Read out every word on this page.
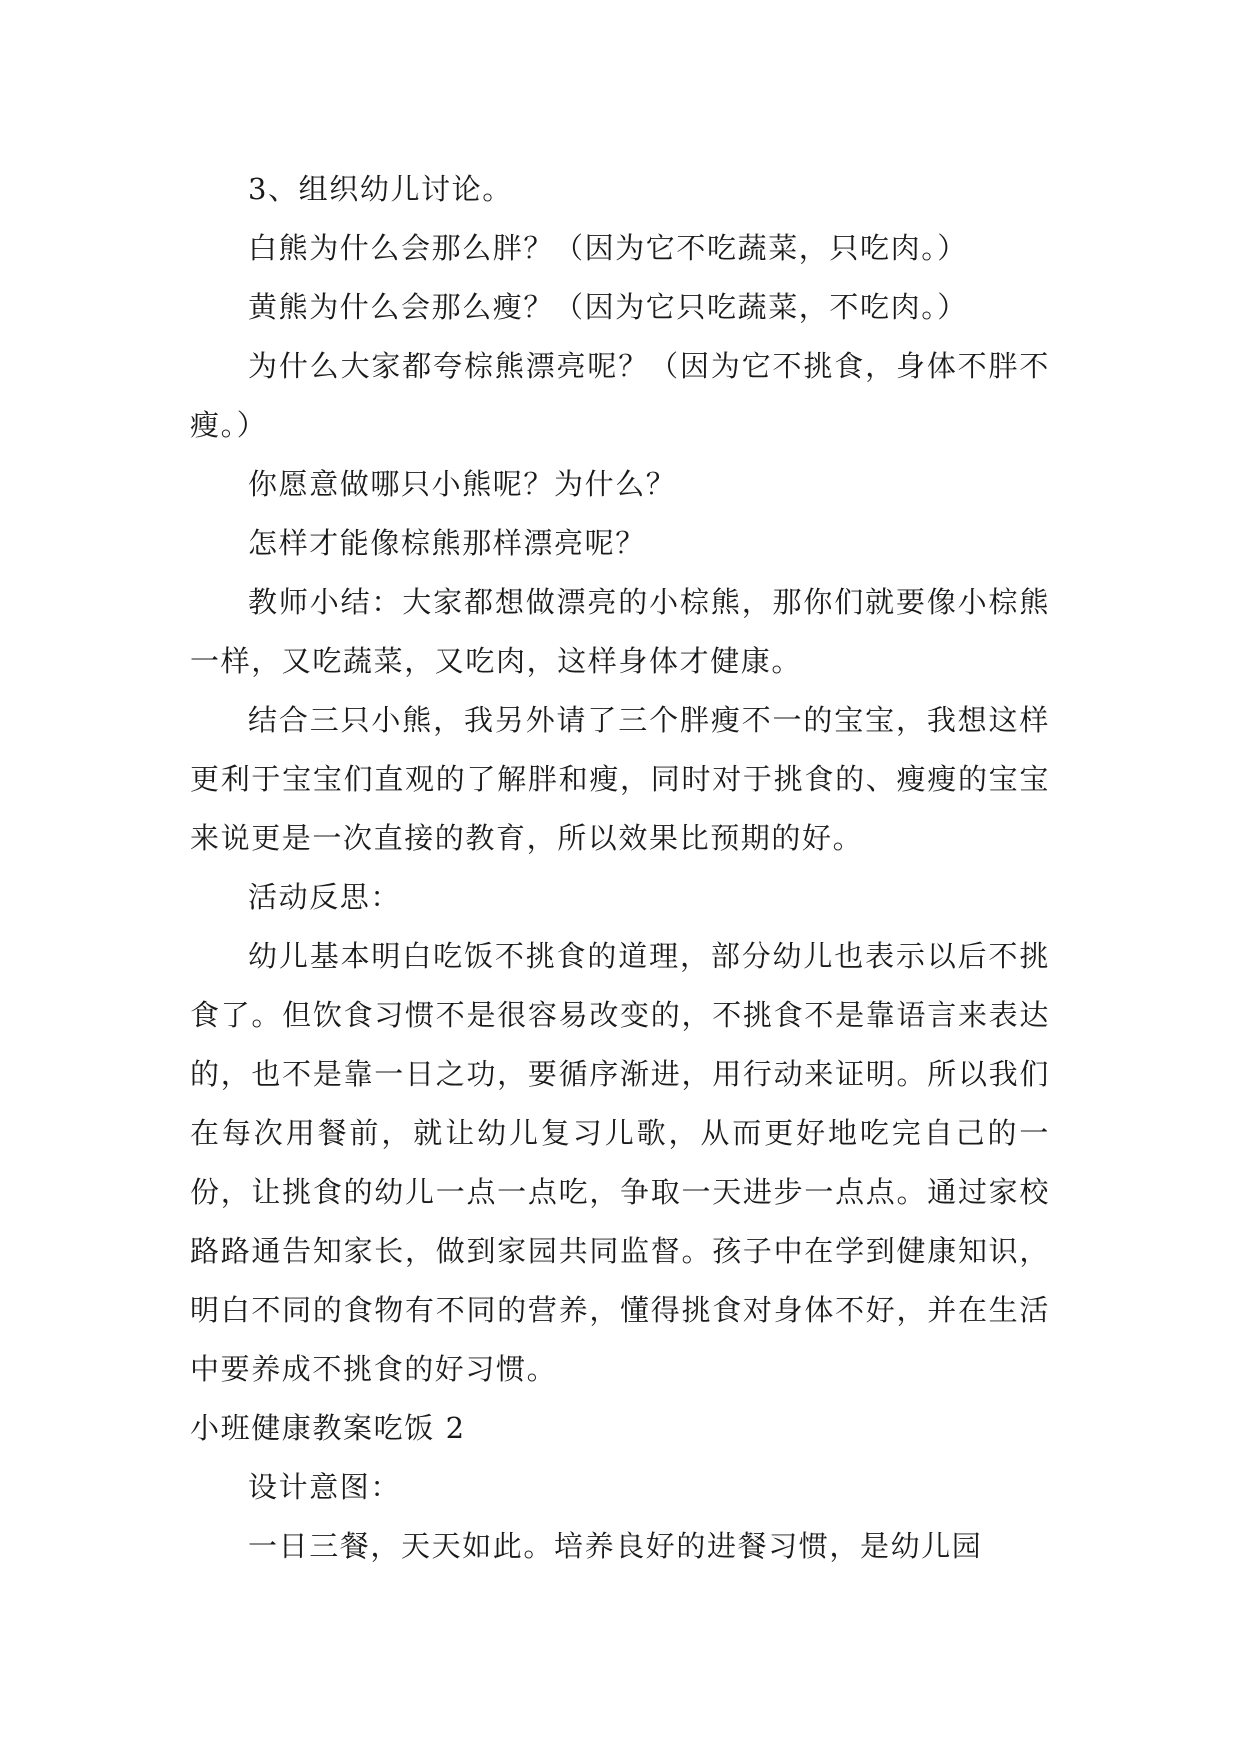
3、组织幼儿讨论。

白熊为什么会那么胖？（因为它不吃蔬菜，只吃肉。）

黄熊为什么会那么瘦？（因为它只吃蔬菜，不吃肉。）

为什么大家都夸棕熊漂亮呢？（因为它不挑食，身体不胖不瘦。）

你愿意做哪只小熊呢？为什么？

怎样才能像棕熊那样漂亮呢？

教师小结：大家都想做漂亮的小棕熊，那你们就要像小棕熊一样，又吃蔬菜，又吃肉，这样身体才健康。

结合三只小熊，我另外请了三个胖瘦不一的宝宝，我想这样更利于宝宝们直观的了解胖和瘦，同时对于挑食的、瘦瘦的宝宝来说更是一次直接的教育，所以效果比预期的好。

活动反思：

幼儿基本明白吃饭不挑食的道理，部分幼儿也表示以后不挑食了。但饮食习惯不是很容易改变的，不挑食不是靠语言来表达的，也不是靠一日之功，要循序渐进，用行动来证明。所以我们在每次用餐前，就让幼儿复习儿歌，从而更好地吃完自己的一份，让挑食的幼儿一点一点吃，争取一天进步一点点。通过家校路路通告知家长，做到家园共同监督。孩子中在学到健康知识，明白不同的食物有不同的营养，懂得挑食对身体不好，并在生活中要养成不挑食的好习惯。

小班健康教案吃饭 2

设计意图：

一日三餐，天天如此。培养良好的进餐习惯，是幼儿园
